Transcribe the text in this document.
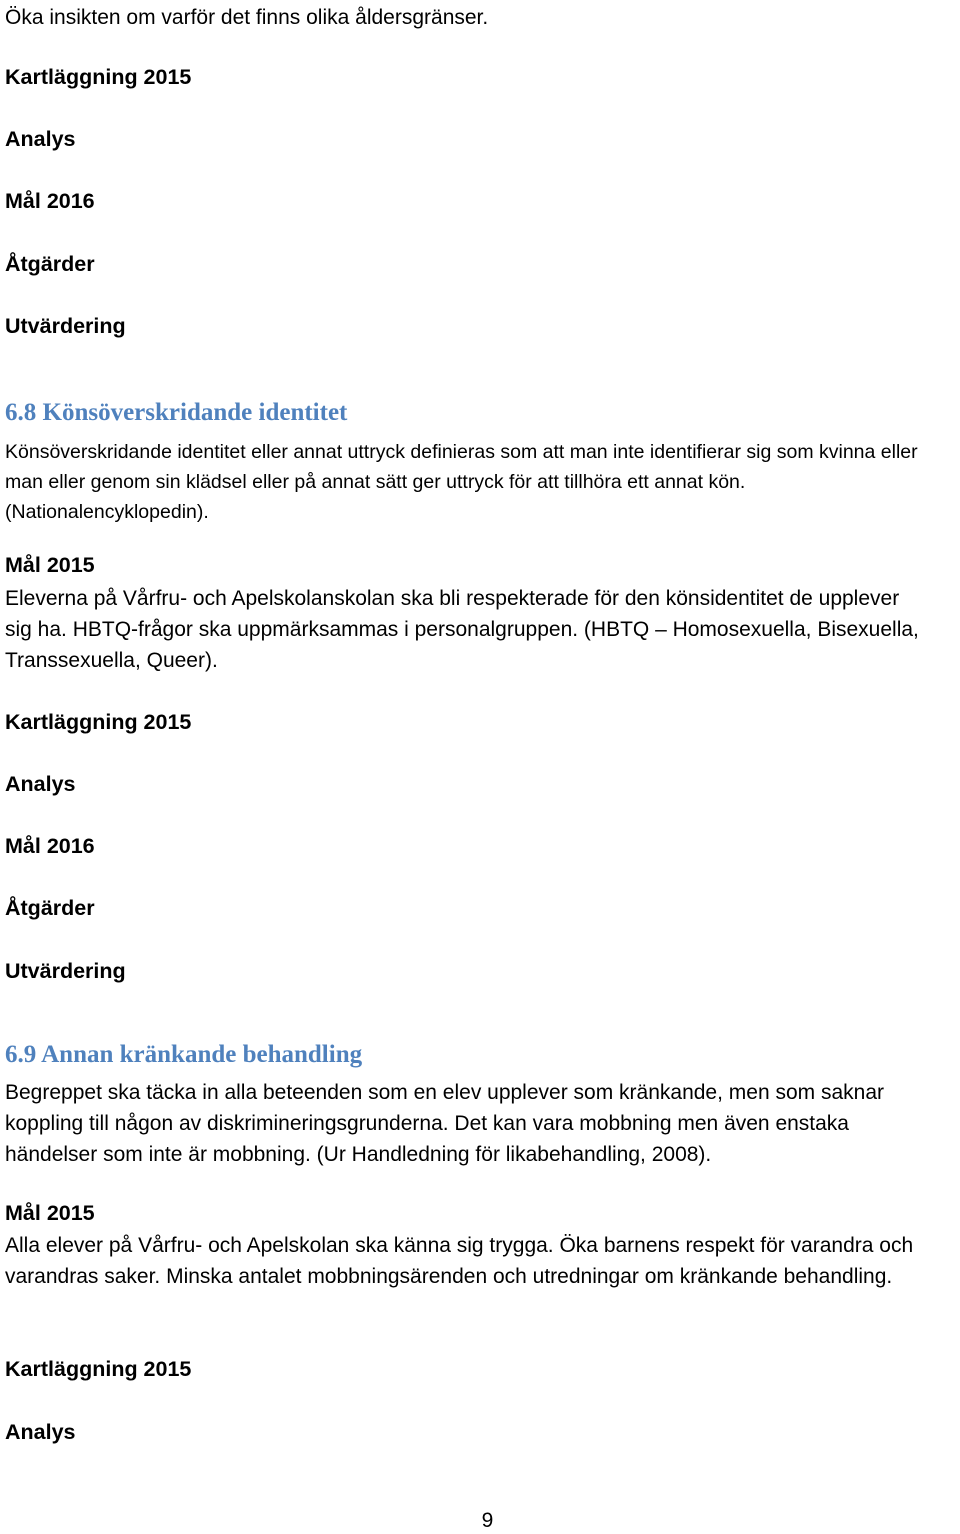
Öka insikten om varför det finns olika åldersgränser.

Kartläggning 2015

Analys

Mål 2016

Åtgärder

Utvärdering

6.8 Könsöverskridande identitet

Könsöverskridande identitet eller annat uttryck definieras som att man inte identifierar sig som kvinna eller man eller genom sin klädsel eller på annat sätt ger uttryck för att tillhöra ett annat kön. (Nationalencyklopedin).

Mål 2015

Eleverna på Vårfru- och Apelskolanskolan ska bli respekterade för den könsidentitet de upplever sig ha. HBTQ-frågor ska uppmärksammas i personalgruppen. (HBTQ – Homosexuella, Bisexuella, Transsexuella, Queer).

Kartläggning 2015

Analys

Mål 2016

Åtgärder

Utvärdering

6.9 Annan kränkande behandling

Begreppet ska täcka in alla beteenden som en elev upplever som kränkande, men som saknar koppling till någon av diskrimineringsgrunderna. Det kan vara mobbning men även enstaka händelser som inte är mobbning. (Ur Handledning för likabehandling, 2008).

Mål 2015

Alla elever på Vårfru- och Apelskolan ska känna sig trygga. Öka barnens respekt för varandra och varandras saker. Minska antalet mobbningsärenden och utredningar om kränkande behandling.

Kartläggning 2015

Analys

9
